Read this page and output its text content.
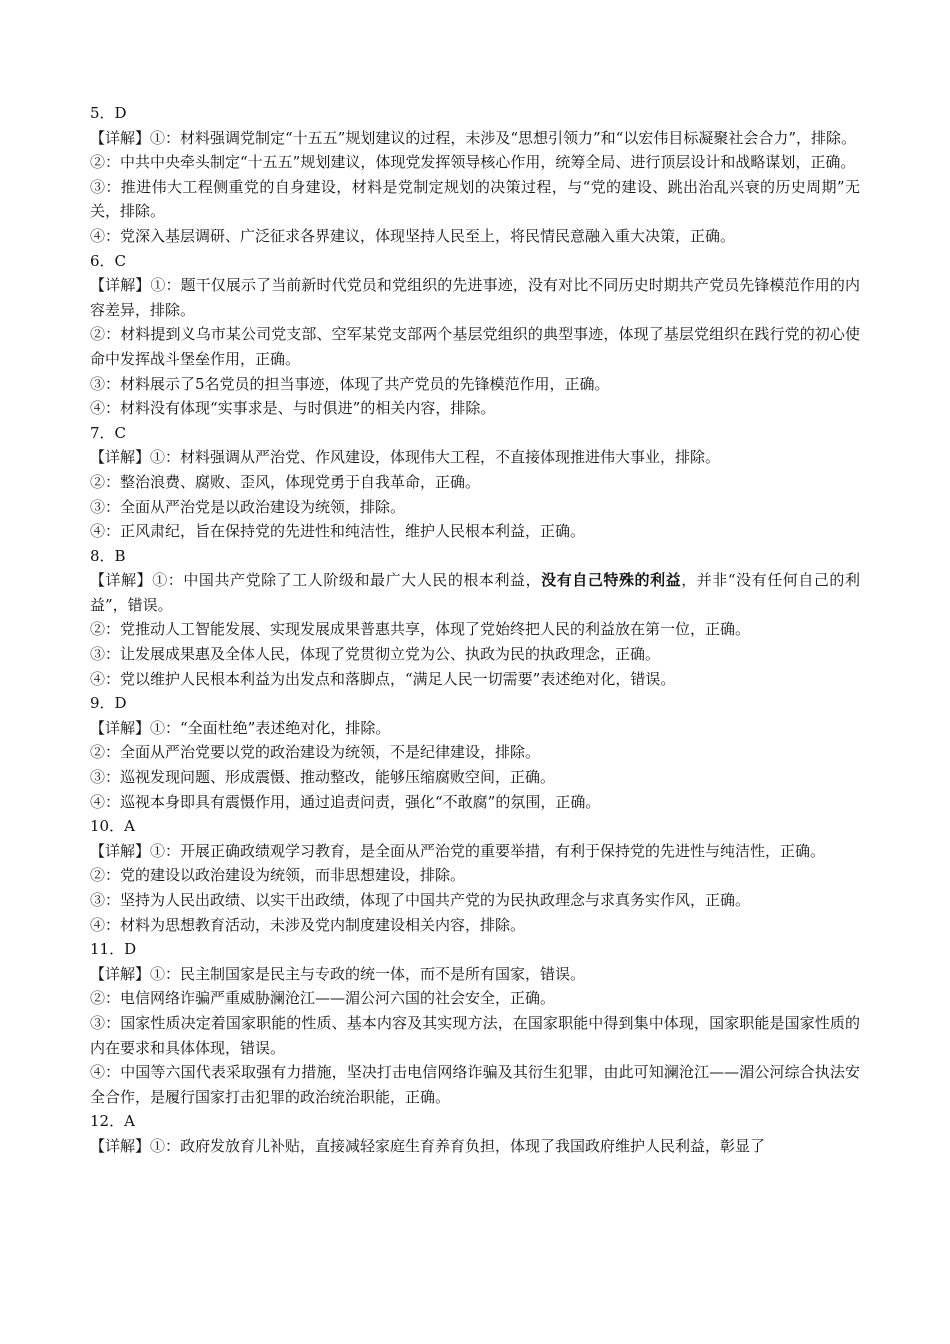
5．D

【详解】①：材料强调党制定“十五五”规划建议的过程，未涉及“思想引领力”和“以宏伟目标凝聚社会合力”，排除。

②：中共中央牵头制定“十五五”规划建议，体现党发挥领导核心作用，统筹全局、进行顶层设计和战略谋划，正确。

③：推进伟大工程侧重党的自身建设，材料是党制定规划的决策过程，与“党的建设、跳出治乱兴衰的历史周期”无关，排除。

④：党深入基层调研、广泛征求各界建议，体现坚持人民至上，将民情民意融入重大决策，正确。

6．C

【详解】①：题干仅展示了当前新时代党员和党组织的先进事迹，没有对比不同历史时期共产党员先锋模范作用的内容差异，排除。

②：材料提到义乌市某公司党支部、空军某党支部两个基层党组织的典型事迹，体现了基层党组织在践行党的初心使命中发挥战斗堡垒作用，正确。

③：材料展示了5名党员的担当事迹，体现了共产党员的先锋模范作用，正确。

④：材料没有体现“实事求是、与时俱进”的相关内容，排除。

7．C

【详解】①：材料强调从严治党、作风建设，体现伟大工程，不直接体现推进伟大事业，排除。

②：整治浪费、腐败、歪风，体现党勇于自我革命，正确。

③：全面从严治党是以政治建设为统领，排除。

④：正风肃纪，旨在保持党的先进性和纯洁性，维护人民根本利益，正确。

8．B

【详解】①：中国共产党除了工人阶级和最广大人民的根本利益，没有自己特殊的利益，并非“没有任何自己的利益”，错误。

②：党推动人工智能发展、实现发展成果普惠共享，体现了党始终把人民的利益放在第一位，正确。

③：让发展成果惠及全体人民，体现了党贯彻立党为公、执政为民的执政理念，正确。

④：党以维护人民根本利益为出发点和落脚点，“满足人民一切需要”表述绝对化，错误。

9．D

【详解】①：“全面杜绝”表述绝对化，排除。

②：全面从严治党要以党的政治建设为统领，不是纪律建设，排除。

③：巡视发现问题、形成震慑、推动整改，能够压缩腐败空间，正确。

④：巡视本身即具有震慑作用，通过追责问责，强化“不敢腐”的氛围，正确。

10．A

【详解】①：开展正确政绩观学习教育，是全面从严治党的重要举措，有利于保持党的先进性与纯洁性，正确。

②：党的建设以政治建设为统领，而非思想建设，排除。

③：坚持为人民出政绩、以实干出政绩，体现了中国共产党的为民执政理念与求真务实作风，正确。

④：材料为思想教育活动，未涉及党内制度建设相关内容，排除。

11．D

【详解】①：民主制国家是民主与专政的统一体，而不是所有国家，错误。

②：电信网络诈骗严重威胁澜沧江——湄公河六国的社会安全，正确。

③：国家性质决定着国家职能的性质、基本内容及其实现方法，在国家职能中得到集中体现，国家职能是国家性质的内在要求和具体体现，错误。

④：中国等六国代表采取强有力措施，坚决打击电信网络诈骗及其衍生犯罪，由此可知澜沧江——湄公河综合执法安全合作，是履行国家打击犯罪的政治统治职能，正确。

12．A

【详解】①：政府发放育儿补贴，直接减轻家庭生育养育负担，体现了我国政府维护人民利益，彰显了
